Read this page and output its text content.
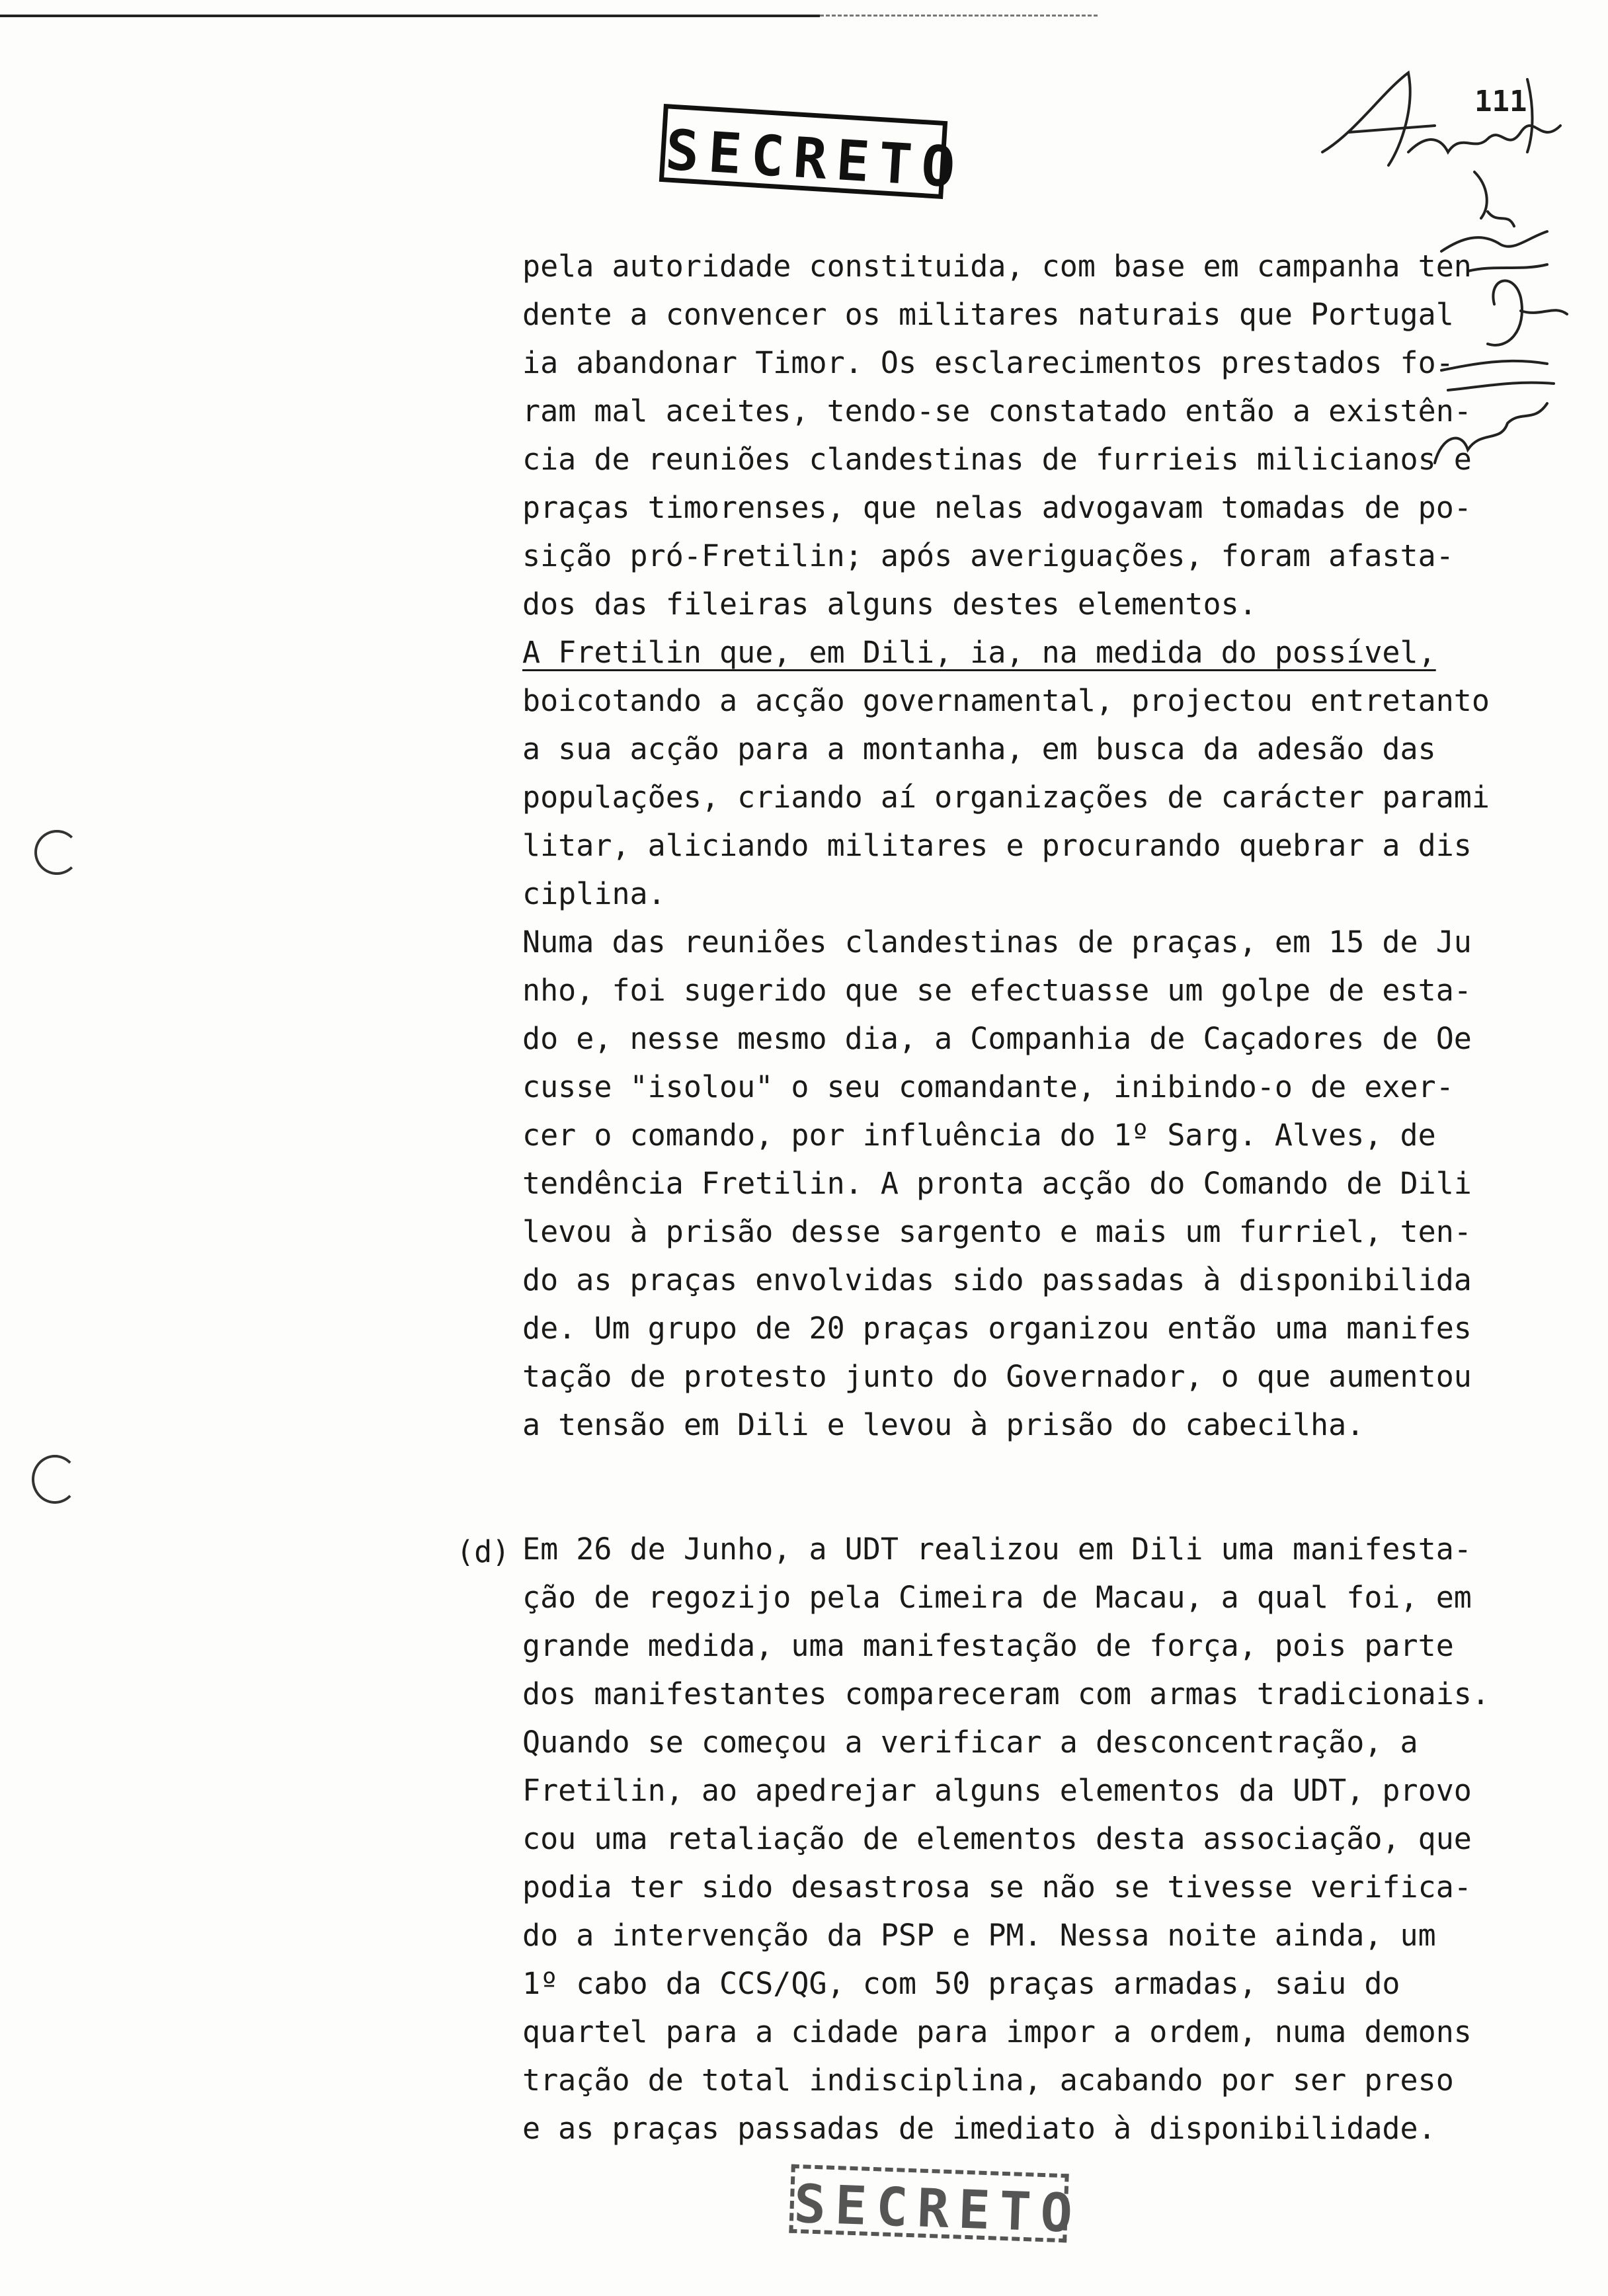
SECRETO
111
pela autoridade constituida, com base em campanha ten
dente a convencer os militares naturais que Portugal
ia abandonar Timor. Os esclarecimentos prestados fo-
ram mal aceites, tendo-se constatado então a existên-
cia de reuniões clandestinas de furrieis milicianos e
praças timorenses, que nelas advogavam tomadas de po-
sição pró-Fretilin; após averiguações, foram afasta-
dos das fileiras alguns destes elementos.
A Fretilin que, em Dili, ia, na medida do possível,
boicotando a acção governamental, projectou entretanto
a sua acção para a montanha, em busca da adesão das
populações, criando aí organizações de carácter parami
litar, aliciando militares e procurando quebrar a dis
ciplina.
Numa das reuniões clandestinas de praças, em 15 de Ju
nho, foi sugerido que se efectuasse um golpe de esta-
do e, nesse mesmo dia, a Companhia de Caçadores de Oe
cusse "isolou" o seu comandante, inibindo-o de exer-
cer o comando, por influência do 1º Sarg. Alves, de
tendência Fretilin. A pronta acção do Comando de Dili
levou à prisão desse sargento e mais um furriel, ten-
do as praças envolvidas sido passadas à disponibilida
de. Um grupo de 20 praças organizou então uma manifes
tação de protesto junto do Governador, o que aumentou
a tensão em Dili e levou à prisão do cabecilha.
(d) Em 26 de Junho, a UDT realizou em Dili uma manifesta-
ção de regozijo pela Cimeira de Macau, a qual foi, em
grande medida, uma manifestação de força, pois parte
dos manifestantes compareceram com armas tradicionais.
Quando se começou a verificar a desconcentração, a
Fretilin, ao apedrejar alguns elementos da UDT, provo
cou uma retaliação de elementos desta associação, que
podia ter sido desastrosa se não se tivesse verifica-
do a intervenção da PSP e PM. Nessa noite ainda, um
1º cabo da CCS/QG, com 50 praças armadas, saiu do
quartel para a cidade para impor a ordem, numa demons
tração de total indisciplina, acabando por ser preso
e as praças passadas de imediato à disponibilidade.
SECRETO
